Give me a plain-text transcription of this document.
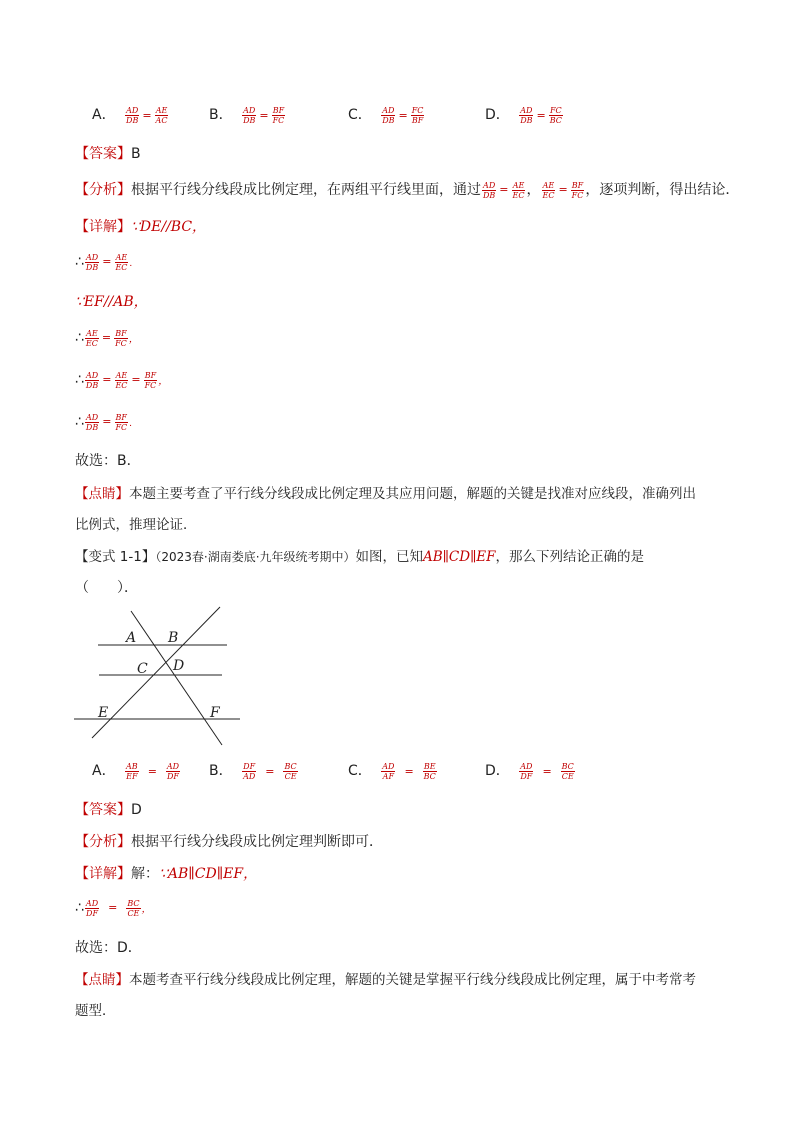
A． $\frac{AD}{DB} = \frac{AE}{AC}$	B． $\frac{AD}{DB} = \frac{BF}{FC}$	C． $\frac{AD}{DB} = \frac{FC}{BF}$	D． $\frac{AD}{DB} = \frac{FC}{BC}$
【答案】B
【分析】根据平行线分线段成比例定理，在两组平行线里面，通过 $\frac{AD}{DB} = \frac{AE}{EC}$ ， $\frac{AE}{EC} = \frac{BF}{FC}$ ，逐项判断，得出结论．
【详解】∵DE//BC，
∴ $\frac{AD}{DB} = \frac{AE}{EC}$ .
∵EF//AB，
∴ $\frac{AE}{EC} = \frac{BF}{FC}$ ，
∴ $\frac{AD}{DB} = \frac{AE}{EC} = \frac{BF}{FC}$ ，
∴ $\frac{AD}{DB} = \frac{BF}{FC}$ .
故选：B．
【点睛】本题主要考查了平行线分线段成比例定理及其应用问题，解题的关键是找准对应线段，准确列出
比例式，推理论证．
【变式 1-1】（2023春·湖南娄底·九年级统考期中）如图，已知AB∥CD∥EF，那么下列结论正确的是
（　　）．
A B
C D
E	F
A． $\frac{AB}{EF} = \frac{AD}{DF}$ B． $\frac{DF}{AD} = \frac{BC}{CE}$	C． $\frac{AD}{AF} = \frac{BE}{BC}$	D． $\frac{AD}{DF} = \frac{BC}{CE}$
【答案】D
【分析】根据平行线分线段成比例定理判断即可．
【详解】解：∵AB∥CD∥EF，
∴ $\frac{AD}{DF} = \frac{BC}{CE}$ ，
故选：D．
【点睛】本题考查平行线分线段成比例定理，解题的关键是掌握平行线分线段成比例定理，属于中考常考
题型．
